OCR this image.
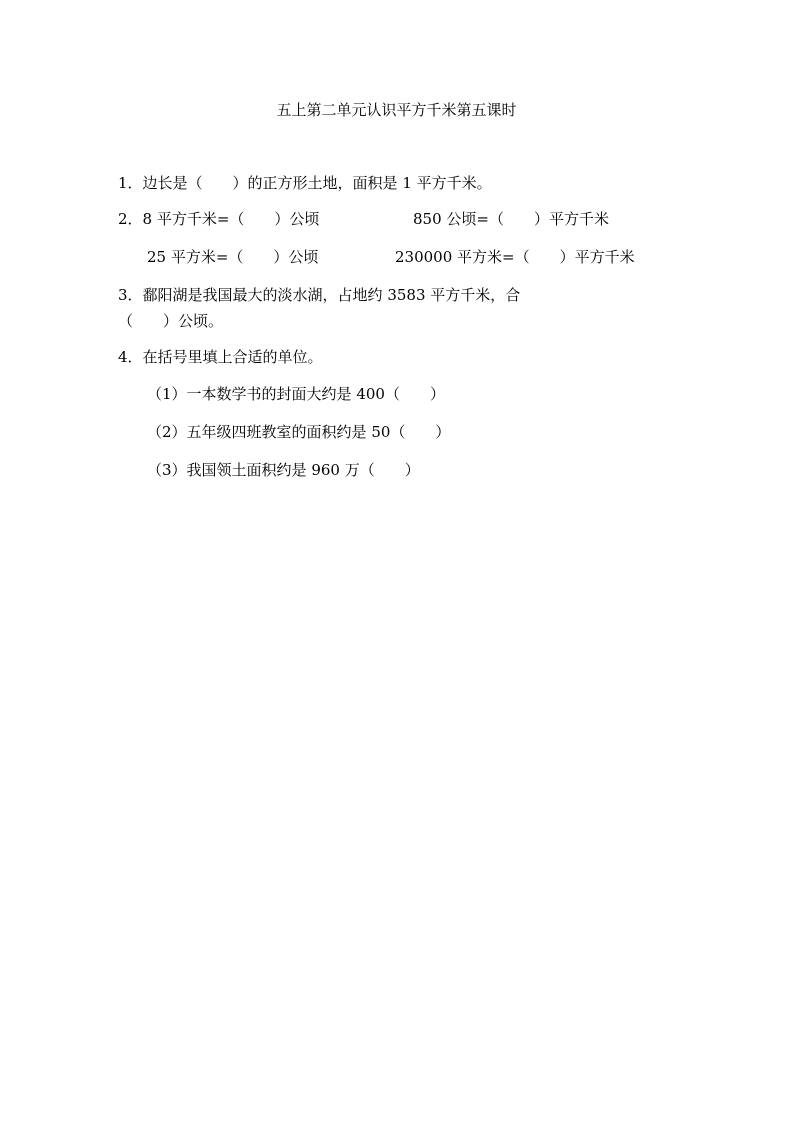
五上第二单元认识平方千米第五课时
1．边长是（　　）的正方形土地，面积是 1 平方千米。
2．8 平方千米=（　　）公顷	850 公顷=（　　）平方千米
25 平方米=（　　）公顷	230000 平方米=（　　）平方千米
3．鄱阳湖是我国最大的淡水湖，占地约 3583 平方千米，合
（　　）公顷。
4．在括号里填上合适的单位。
（1）一本数学书的封面大约是 400（　　）
（2）五年级四班教室的面积约是 50（　　）
（3）我国领土面积约是 960 万（　　）
